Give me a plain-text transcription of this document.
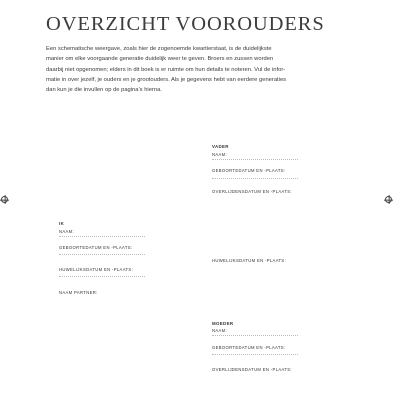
OVERZICHT VOOROUDERS
Een schematische weergave, zoals hier de zogenoemde kwartierstaat, is de duidelijkste
manier om elke voorgaande generatie duidelijk weer te geven. Broers en zussen worden
daarbij niet opgenomen; elders in dit boek is er ruimte om hun details te noteren. Vul de infor-
matie in over jezelf, je ouders en je grootouders. Als je gegevens hebt van eerdere generaties
dan kun je die invullen op de pagina’s hierna.
VADER
NAAM:
GEBOORTEDATUM EN -PLAATS:
OVERLIJDENSDATUM EN -PLAATS:
IK
NAAM:
GEBOORTEDATUM EN -PLAATS:
HUWELIJKSDATUM EN -PLAATS:
NAAM PARTNER:
HUWELIJKSDATUM EN -PLAATS:
MOEDER
NAAM:
GEBOORTEDATUM EN -PLAATS:
OVERLIJDENSDATUM EN -PLAATS:
